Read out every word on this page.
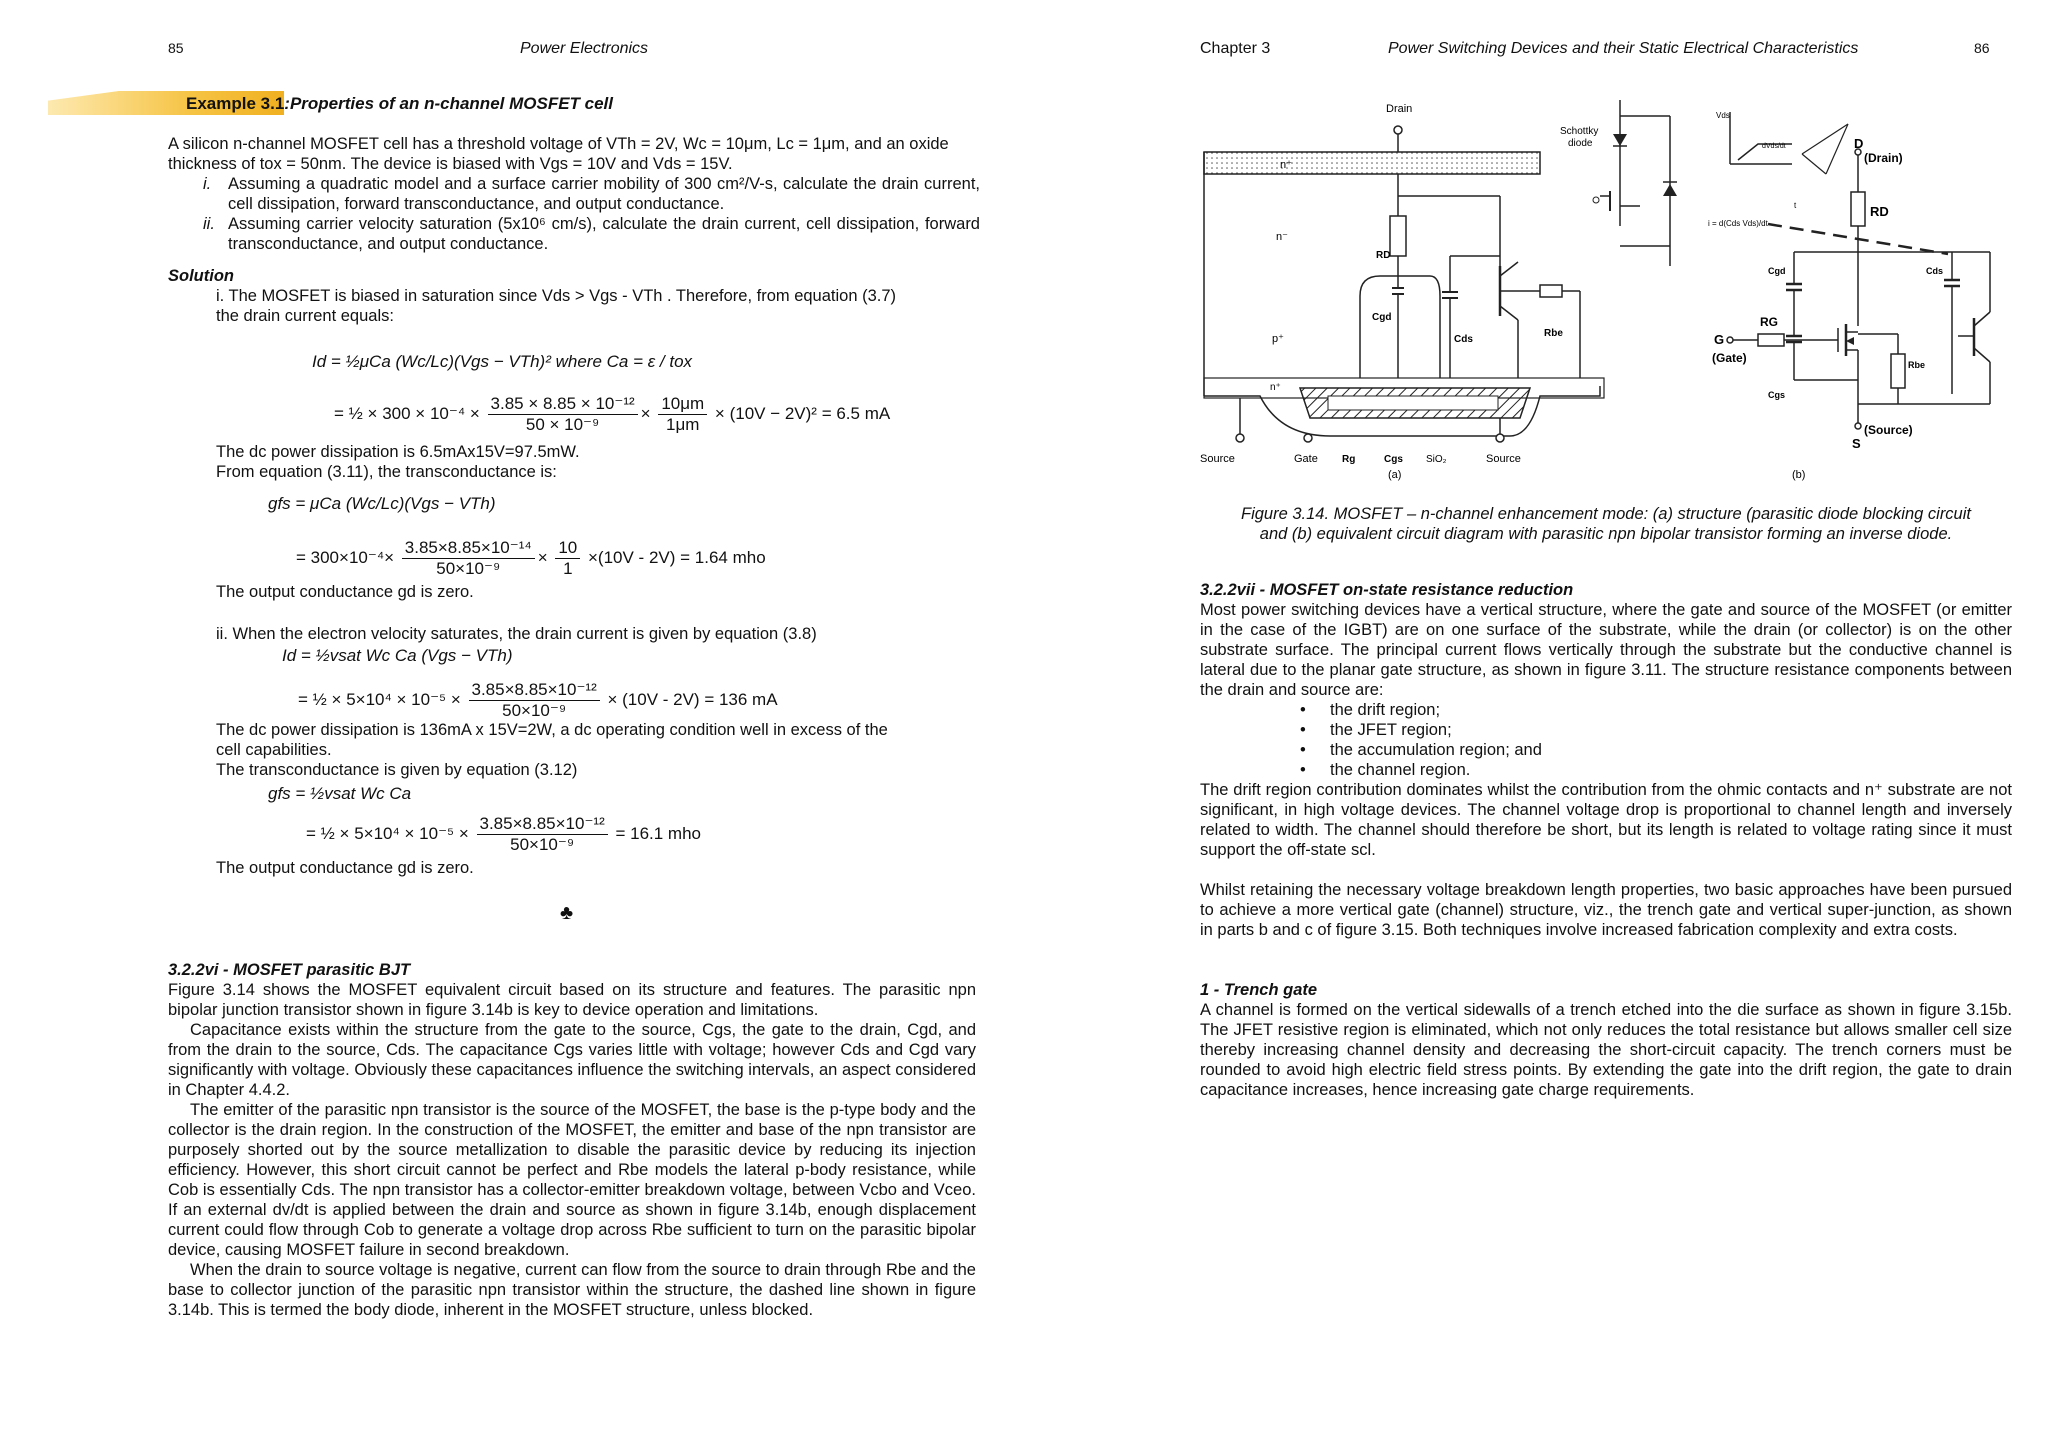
85	Power Electronics
Example 3.1:Properties of an n-channel MOSFET cell
A silicon n-channel MOSFET cell has a threshold voltage of VTh = 2V, Wc = 10μm, Lc = 1μm, and an oxide
thickness of tox = 50nm. The device is biased with Vgs = 10V and Vds = 15V.
i. Assuming a quadratic model and a surface carrier mobility of 300 cm²/V-s, calculate the drain current, cell dissipation, forward transconductance, and output conductance.
ii. Assuming carrier velocity saturation (5x10⁶ cm/s), calculate the drain current, cell dissipation, forward transconductance, and output conductance.
Solution
i. The MOSFET is biased in saturation since Vds > Vgs - VTh . Therefore, from equation (3.7)
the drain current equals:
Id = ½μCa (Wc/Lc)(Vgs − VTh)² where Ca = ε / tox
= ½ × $300 \times 10^{-4} \times \frac{\text{3.85 × 8.85 × 10⁻¹²}}{\text{50 × 10⁻⁹}} \times \frac{10\mu m}{1\mu m} \times (10V - 2V)^2 = 6.5$ mA
The dc power dissipation is 6.5mAx15V=97.5mW.
From equation (3.11), the transconductance is:
gfs = μCa (Wc/Lc)(Vgs − VTh)
= $300\times 10^{-4}\times \frac{\text{3.85×8.85×10⁻¹⁴}}{\text{50×10⁻⁹}} \times \frac{10}{1} \times(10V - 2V) = 1.64$ mho
The output conductance gd is zero.
ii. When the electron velocity saturates, the drain current is given by equation (3.8)
Id = ½vsat Wc Ca (Vgs − VTh)
= ½ × $5\times 10^4 \times 10^{-5} \times \frac{\text{3.85×8.85×10⁻¹²}}{\text{50×10⁻⁹}} \times (10V - 2V) = 136$ mA
The dc power dissipation is 136mA x 15V=2W, a dc operating condition well in excess of the
cell capabilities.
The transconductance is given by equation (3.12)
gfs = ½vsat Wc Ca
= ½ × $5\times 10^4 \times 10^{-5} \times \frac{\text{3.85×8.85×10⁻¹²}}{\text{50×10⁻⁹}} = 16.1$ mho
The output conductance gd is zero.
♣
3.2.2vi - MOSFET parasitic BJT
Figure 3.14 shows the MOSFET equivalent circuit based on its structure and features. The parasitic npn bipolar junction transistor shown in figure 3.14b is key to device operation and limitations.
Capacitance exists within the structure from the gate to the source, Cgs, the gate to the drain, Cgd, and from the drain to the source, Cds. The capacitance Cgs varies little with voltage; however Cds and Cgd vary significantly with voltage. Obviously these capacitances influence the switching intervals, an aspect considered in Chapter 4.4.2.
The emitter of the parasitic npn transistor is the source of the MOSFET, the base is the p-type body and the collector is the drain region. In the construction of the MOSFET, the emitter and base of the npn transistor are purposely shorted out by the source metallization to disable the parasitic device by reducing its injection efficiency. However, this short circuit cannot be perfect and Rbe models the lateral p-body resistance, while Cob is essentially Cds. The npn transistor has a collector-emitter breakdown voltage, between Vcbo and Vceo. If an external dv/dt is applied between the drain and source as shown in figure 3.14b, enough displacement current could flow through Cob to generate a voltage drop across Rbe sufficient to turn on the parasitic bipolar device, causing MOSFET failure in second breakdown.
When the drain to source voltage is negative, current can flow from the source to drain through Rbe and the base to collector junction of the parasitic npn transistor within the structure, the dashed line shown in figure 3.14b. This is termed the body diode, inherent in the MOSFET structure, unless blocked.
Chapter 3	Power Switching Devices and their Static Electrical Characteristics	86
Drain
Schottky
diode
n⁺
n⁻
RD
Cgd
Cds
Rbe
p⁺
n⁺
Source	Gate Rg	Cgs SiO₂	Source
(a)
Vds
dVds/dt
t
i = d(Cds Vds)/dt
D
(Drain)
RD
Cgd	Cds
RG
G
(Gate)	Rbe
Cgs
(Source)
S
(b)
Figure 3.14. MOSFET – n-channel enhancement mode: (a) structure (parasitic diode blocking circuit
and (b) equivalent circuit diagram with parasitic npn bipolar transistor forming an inverse diode.
3.2.2vii - MOSFET on-state resistance reduction
Most power switching devices have a vertical structure, where the gate and source of the MOSFET (or emitter in the case of the IGBT) are on one surface of the substrate, while the drain (or collector) is on the other substrate surface. The principal current flows vertically through the substrate but the conductive channel is lateral due to the planar gate structure, as shown in figure 3.11. The structure resistance components between the drain and source are:
• the drift region;
• the JFET region;
• the accumulation region; and
• the channel region.
The drift region contribution dominates whilst the contribution from the ohmic contacts and n⁺ substrate are not significant, in high voltage devices. The channel voltage drop is proportional to channel length and inversely related to width. The channel should therefore be short, but its length is related to voltage rating since it must support the off-state scl.
Whilst retaining the necessary voltage breakdown length properties, two basic approaches have been pursued to achieve a more vertical gate (channel) structure, viz., the trench gate and vertical super-junction, as shown in parts b and c of figure 3.15. Both techniques involve increased fabrication complexity and extra costs.
1 - Trench gate
A channel is formed on the vertical sidewalls of a trench etched into the die surface as shown in figure 3.15b. The JFET resistive region is eliminated, which not only reduces the total resistance but allows smaller cell size thereby increasing channel density and decreasing the short-circuit capacity. The trench corners must be rounded to avoid high electric field stress points. By extending the gate into the drift region, the gate to drain capacitance increases, hence increasing gate charge requirements.
